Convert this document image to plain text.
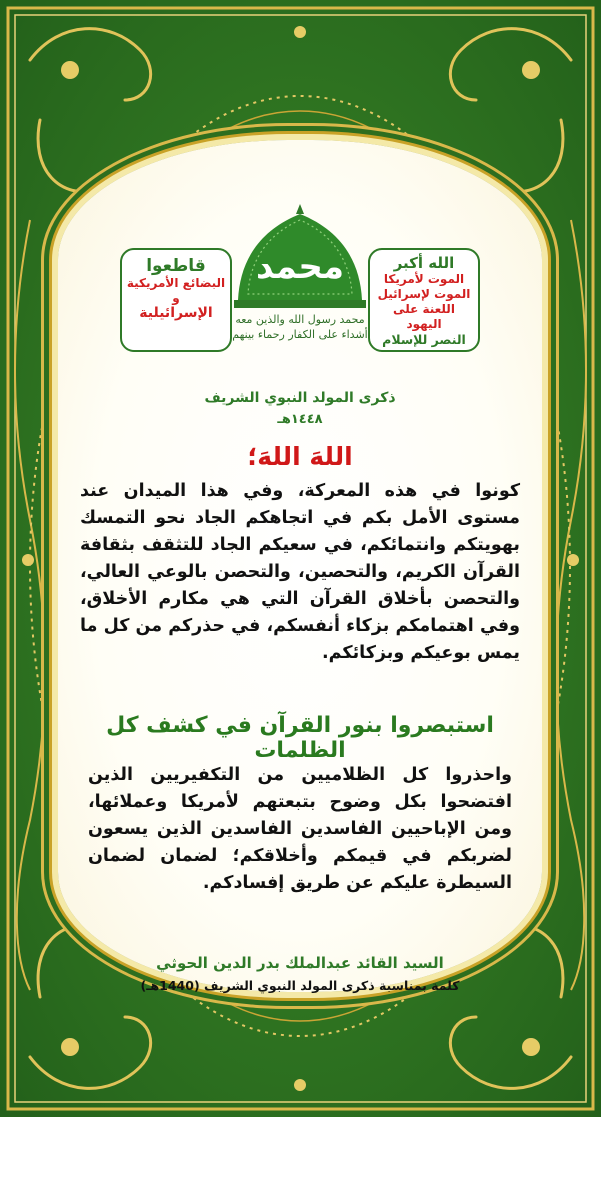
قاطعوا
البضائع الأمريكية
و
الإسرائيلية
محمد
محمد رسول الله والذين معه
أشداء على الكفار رحماء بينهم
الله أكبر
الموت لأمريكا
الموت لإسرائيل
اللعنة على اليهود
النصر للإسلام
ذكرى المولد النبوي الشريف
١٤٤٨هـ
اللهَ اللهَ؛
كونوا في هذه المعركة، وفي هذا الميدان عند مستوى الأمل بكم في اتجاهكم الجاد نحو التمسك بهويتكم وانتمائكم، في سعيكم الجاد للتثقف بثقافة القرآن الكريم، والتحصين، والتحصن بالوعي العالي، والتحصن بأخلاق القرآن التي هي مكارم الأخلاق، وفي اهتمامكم بزكاء أنفسكم، في حذركم من كل ما يمس بوعيكم وبزكائكم.
استبصروا بنور القرآن في كشف كل الظلمات
واحذروا كل الظلاميين من التكفيريين الذين افتضحوا بكل وضوح بتبعتهم لأمريكا وعملائها، ومن الإباحيين الفاسدين الفاسدين الذين يسعون لضربكم في قيمكم وأخلاقكم؛ لضمان لضمان السيطرة عليكم عن طريق إفسادكم.
السيد القائد عبدالملك بدر الدين الحوثي
كلمة بمناسبة ذكرى المولد النبوي الشريف (1440هـ)
